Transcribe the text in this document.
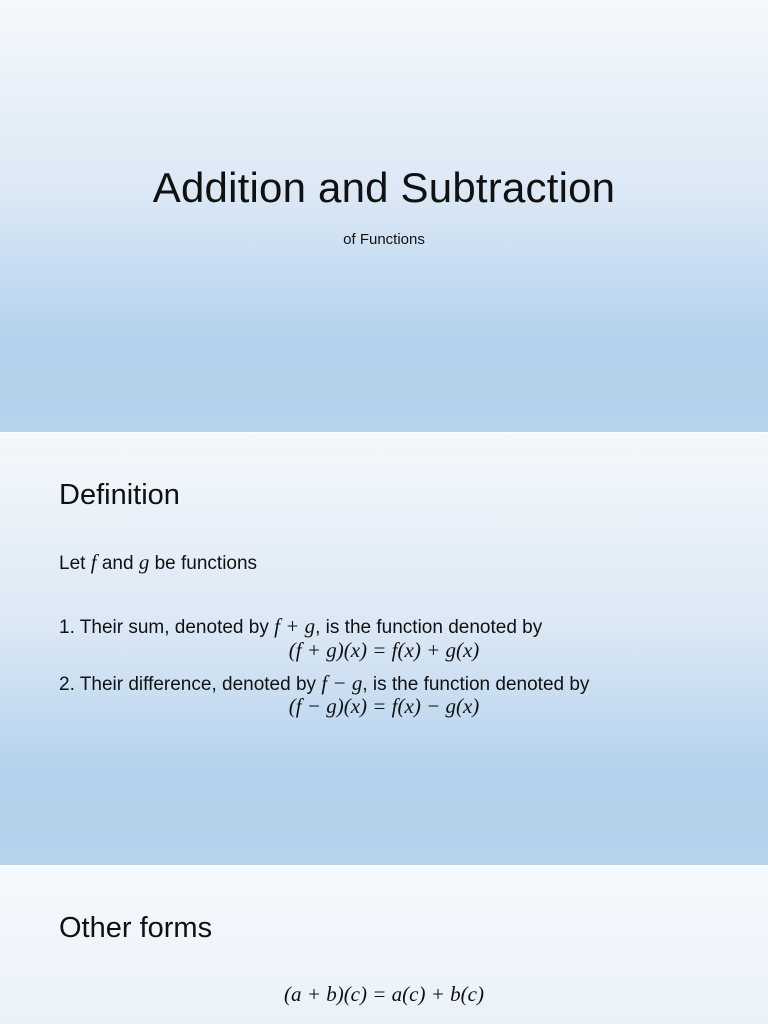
Addition and Subtraction
of Functions
Definition
Let f and g be functions
1. Their sum, denoted by f + g, is the function denoted by
(f + g)(x) = f(x) + g(x)
2. Their difference, denoted by f − g, is the function denoted by
(f − g)(x) = f(x) − g(x)
Other forms
(a + b)(c) = a(c) + b(c)
